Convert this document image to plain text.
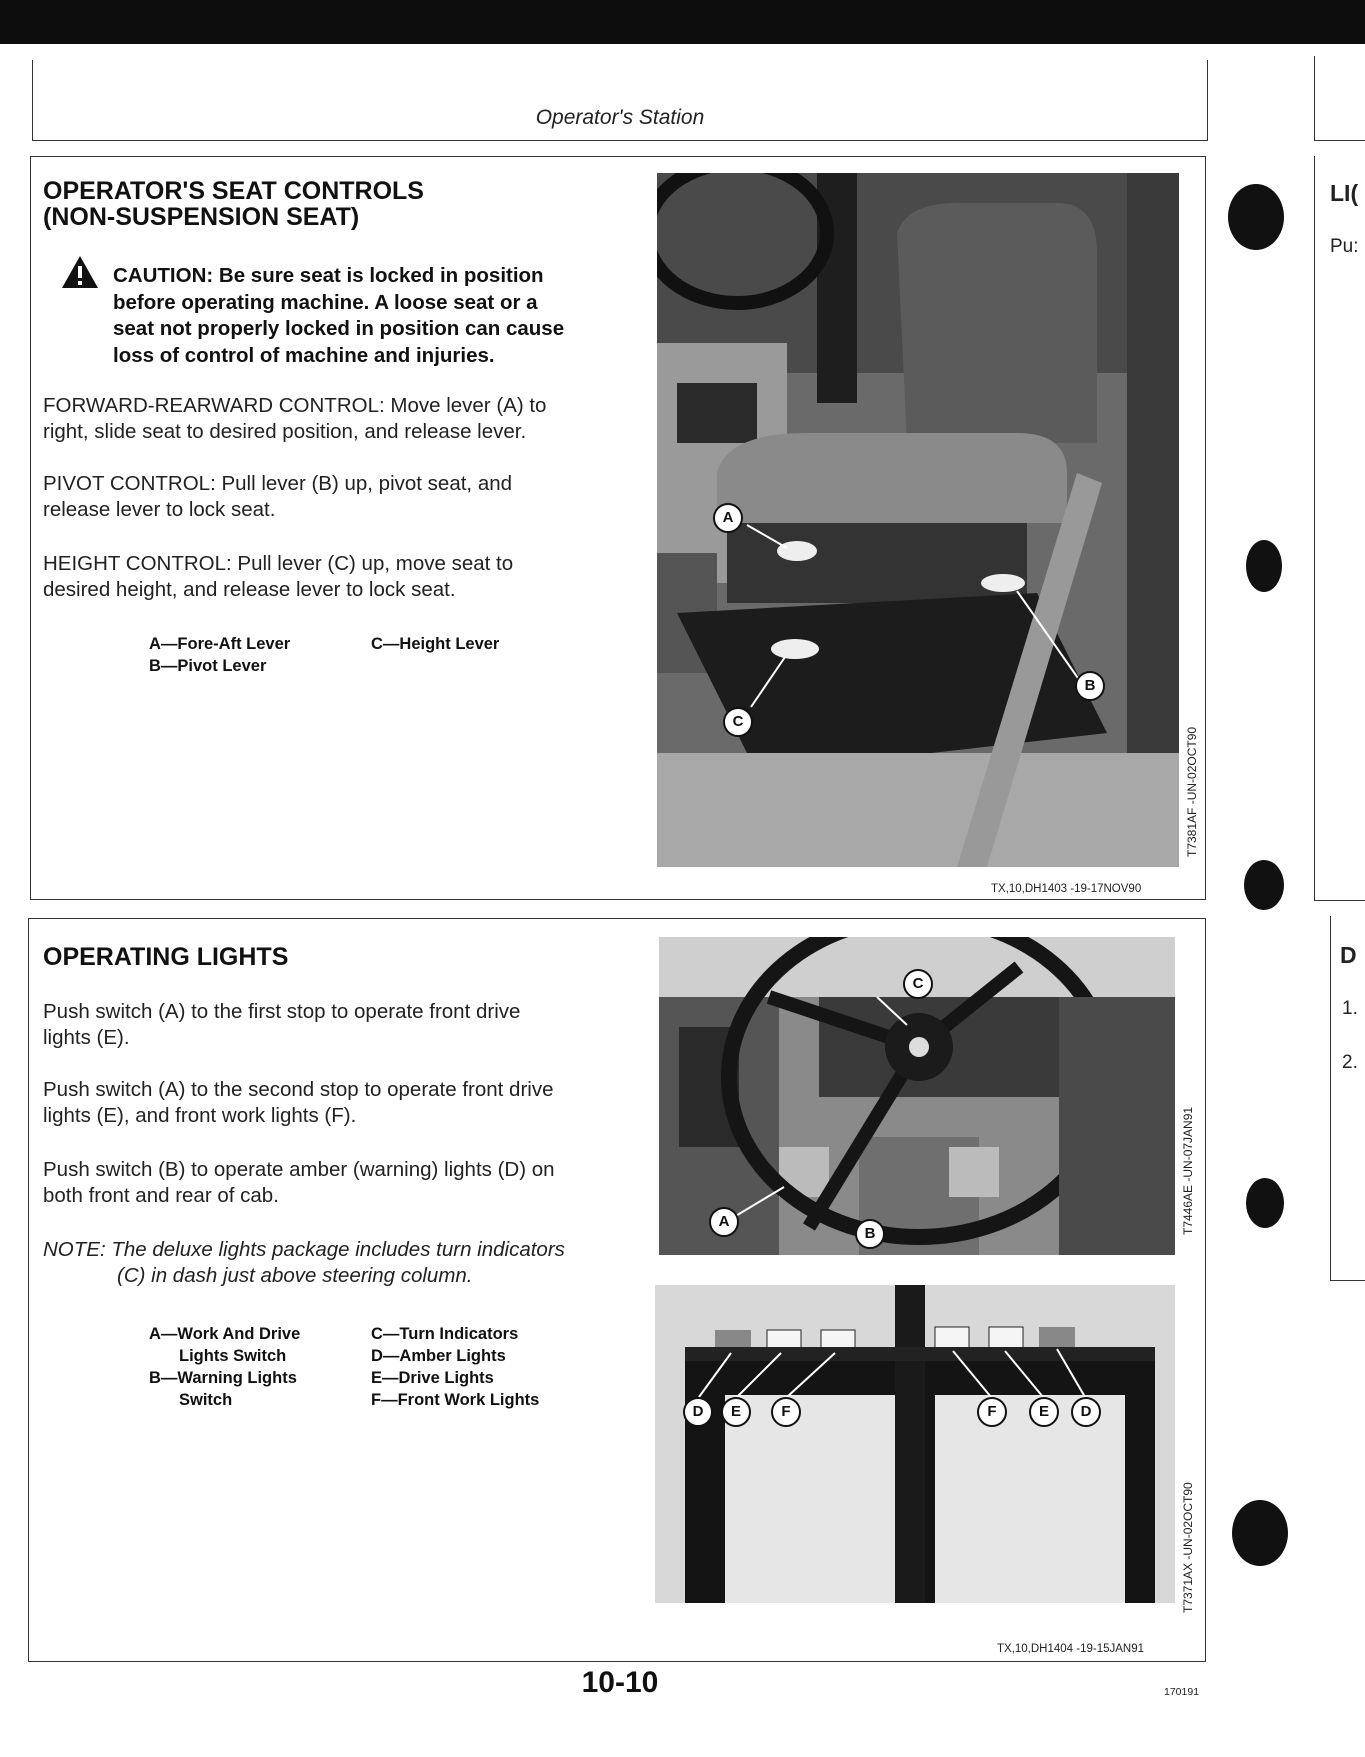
Operator's Station
OPERATOR'S SEAT CONTROLS
(NON-SUSPENSION SEAT)
CAUTION: Be sure seat is locked in position
before operating machine. A loose seat or a
seat not properly locked in position can cause
loss of control of machine and injuries.
FORWARD-REARWARD CONTROL: Move lever (A) to
right, slide seat to desired position, and release lever.
PIVOT CONTROL: Pull lever (B) up, pivot seat, and
release lever to lock seat.
HEIGHT CONTROL: Pull lever (C) up, move seat to
desired height, and release lever to lock seat.
A—Fore-Aft Lever
B—Pivot Lever
C—Height Lever
A
B
C
T7381AF -UN-02OCT90
TX,10,DH1403 -19-17NOV90
OPERATING LIGHTS
Push switch (A) to the first stop to operate front drive
lights (E).
Push switch (A) to the second stop to operate front drive
lights (E), and front work lights (F).
Push switch (B) to operate amber (warning) lights (D) on
both front and rear of cab.
NOTE: The deluxe lights package includes turn indicators
(C) in dash just above steering column.
A—Work And Drive
Lights Switch
B—Warning Lights
Switch
C—Turn Indicators
D—Amber Lights
E—Drive Lights
F—Front Work Lights
A
B
C
T7446AE -UN-07JAN91
D	E	F	F	E	D
T7371AX -UN-02OCT90
TX,10,DH1404 -19-15JAN91
10-10	170191
LI(
Pu:
D
1.
2.
